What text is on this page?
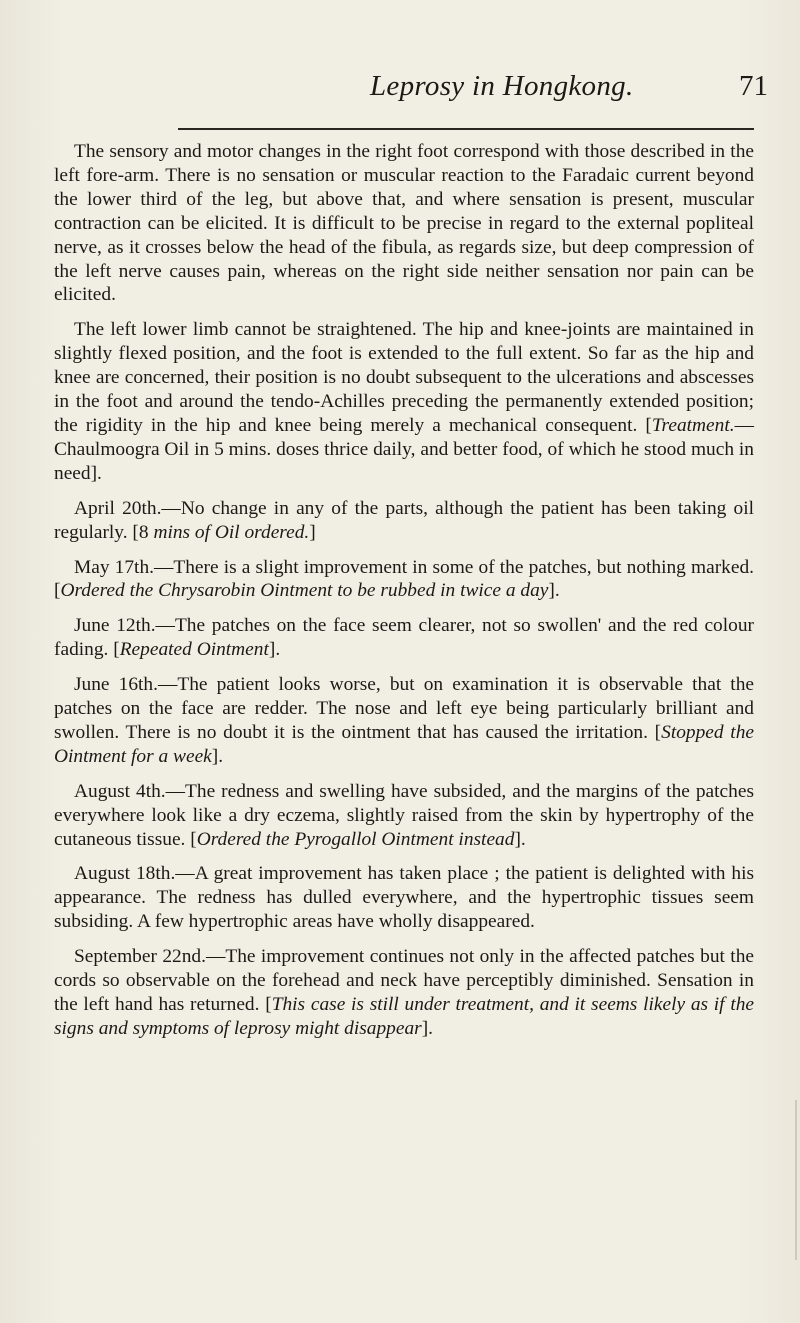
Leprosy in Hongkong.	71

The sensory and motor changes in the right foot correspond with those described in the left fore-arm. There is no sensation or muscular reaction to the Faradaic current beyond the lower third of the leg, but above that, and where sensation is present, muscular contraction can be elicited. It is difficult to be precise in regard to the external popliteal nerve, as it crosses below the head of the fibula, as regards size, but deep compression of the left nerve causes pain, whereas on the right side neither sensation nor pain can be elicited.

The left lower limb cannot be straightened. The hip and knee-joints are maintained in slightly flexed position, and the foot is extended to the full extent. So far as the hip and knee are concerned, their position is no doubt subsequent to the ulcerations and abscesses in the foot and around the tendo-Achilles preceding the permanently extended position; the rigidity in the hip and knee being merely a mechanical consequent. [Treatment.—Chaulmoogra Oil in 5 mins. doses thrice daily, and better food, of which he stood much in need].

April 20th.—No change in any of the parts, although the patient has been taking oil regularly. [8 mins of Oil ordered.]

May 17th.—There is a slight improvement in some of the patches, but nothing marked. [Ordered the Chrysarobin Ointment to be rubbed in twice a day].

June 12th.—The patches on the face seem clearer, not so swollen' and the red colour fading. [Repeated Ointment].

June 16th.—The patient looks worse, but on examination it is observable that the patches on the face are redder. The nose and left eye being particularly brilliant and swollen. There is no doubt it is the ointment that has caused the irritation. [Stopped the Ointment for a week].

August 4th.—The redness and swelling have subsided, and the margins of the patches everywhere look like a dry eczema, slightly raised from the skin by hypertrophy of the cutaneous tissue. [Ordered the Pyrogallol Ointment instead].

August 18th.—A great improvement has taken place ; the patient is delighted with his appearance. The redness has dulled everywhere, and the hypertrophic tissues seem subsiding. A few hypertrophic areas have wholly disappeared.

September 22nd.—The improvement continues not only in the affected patches but the cords so observable on the forehead and neck have perceptibly diminished. Sensation in the left hand has returned. [This case is still under treatment, and it seems likely as if the signs and symptoms of leprosy might disappear].
